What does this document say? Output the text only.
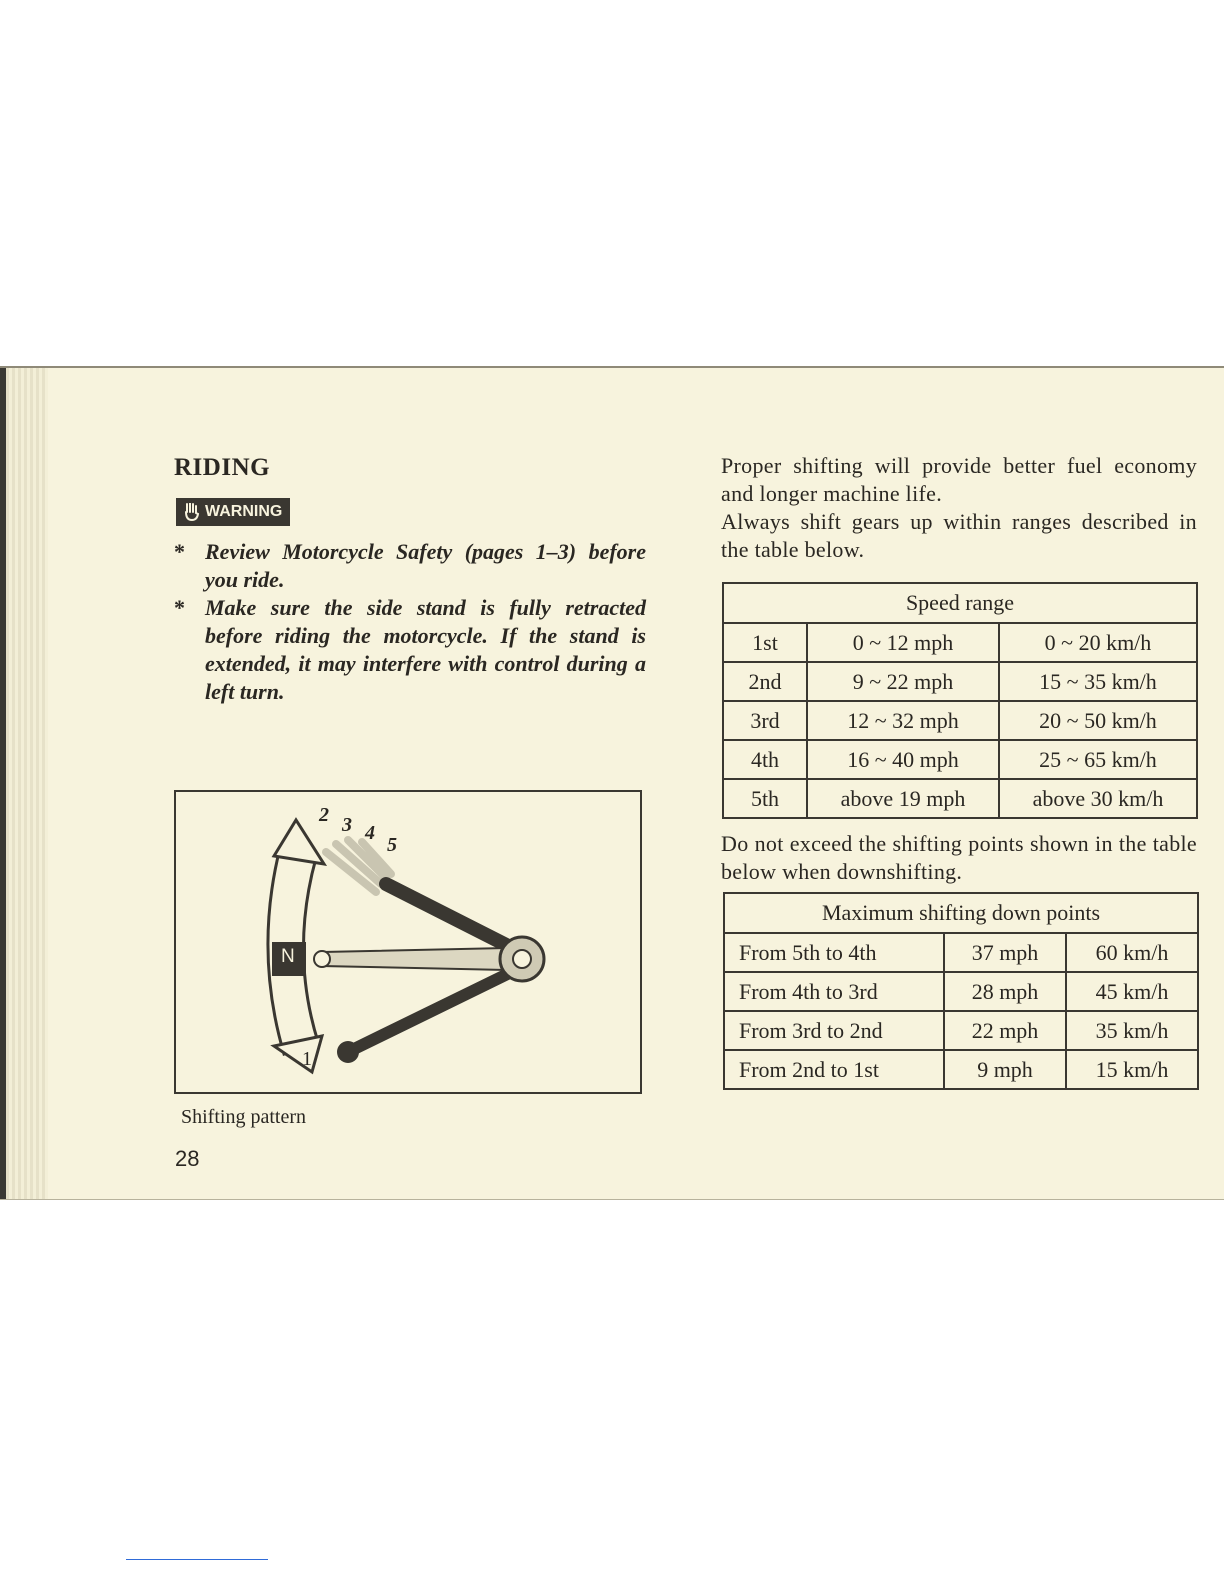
RIDING
WARNING
* Review Motorcycle Safety (pages 1–3) before you ride.
* Make sure the side stand is fully retracted before riding the motorcycle. If the stand is extended, it may interfere with control during a left turn.
N
2 3 4
5
1
Shifting pattern
28

Proper shifting will provide better fuel economy and longer machine life.

Always shift gears up within ranges described in the table below.

Speed range		
1st	0 ~ 12 mph	0 ~ 20 km/h
2nd	9 ~ 22 mph	15 ~ 35 km/h
3rd	12 ~ 32 mph	20 ~ 50 km/h
4th	16 ~ 40 mph	25 ~ 65 km/h
5th	above 19 mph	above 30 km/h

Do not exceed the shifting points shown in the table below when downshifting.

Maximum shifting down points		
From 5th to 4th	37 mph	60 km/h
From 4th to 3rd	28 mph	45 km/h
From 3rd to 2nd	22 mph	35 km/h
From 2nd to 1st	9 mph	15 km/h
